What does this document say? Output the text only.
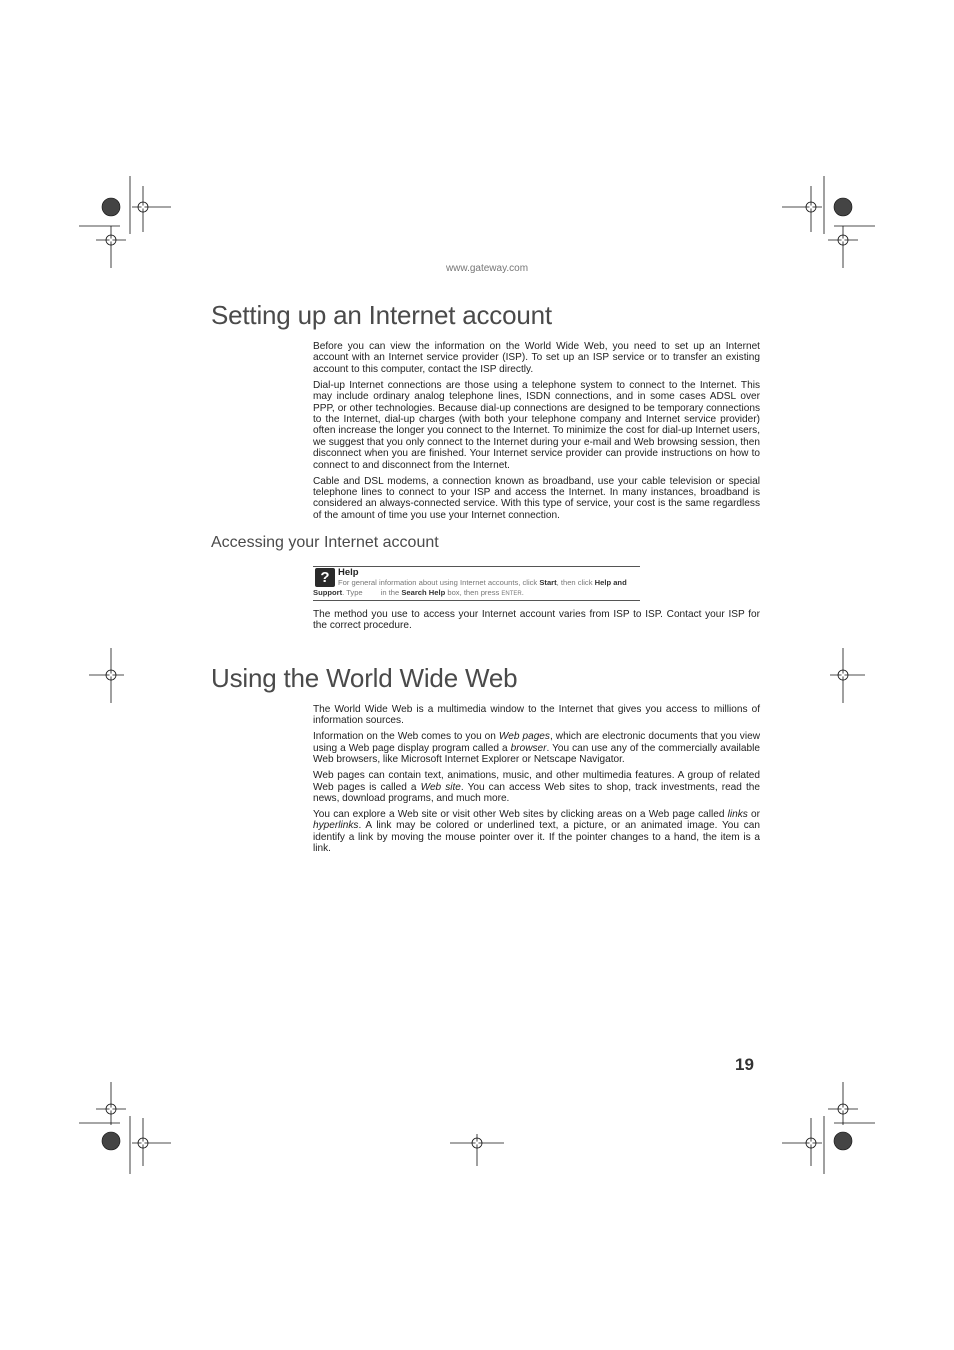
www.gateway.com
Setting up an Internet account

Before you can view the information on the World Wide Web, you need to set up an Internet account with an Internet service provider (ISP). To set up an ISP service or to transfer an existing account to this computer, contact the ISP directly.

Dial-up Internet connections are those using a telephone system to connect to the Internet. This may include ordinary analog telephone lines, ISDN connections, and in some cases ADSL over PPP, or other technologies. Because dial-up connections are designed to be temporary connections to the Internet, dial-up charges (with both your telephone company and Internet service provider) often increase the longer you connect to the Internet. To minimize the cost for dial-up Internet users, we suggest that you only connect to the Internet during your e-mail and Web browsing session, then disconnect when you are finished. Your Internet service provider can provide instructions on how to connect to and disconnect from the Internet.

Cable and DSL modems, a connection known as broadband, use your cable television or special telephone lines to connect to your ISP and access the Internet. In many instances, broadband is considered an always-connected service. With this type of service, your cost is the same regardless of the amount of time you use your Internet connection.

Accessing your Internet account
? Help
For general information about using Internet accounts, click Start, then click Help and Support. Type in the Search Help box, then press ENTER.

The method you use to access your Internet account varies from ISP to ISP. Contact your ISP for the correct procedure.

Using the World Wide Web

The World Wide Web is a multimedia window to the Internet that gives you access to millions of information sources.

Information on the Web comes to you on Web pages, which are electronic documents that you view using a Web page display program called a browser. You can use any of the commercially available Web browsers, like Microsoft Internet Explorer or Netscape Navigator.

Web pages can contain text, animations, music, and other multimedia features. A group of related Web pages is called a Web site. You can access Web sites to shop, track investments, read the news, download programs, and much more.

You can explore a Web site or visit other Web sites by clicking areas on a Web page called links or hyperlinks. A link may be colored or underlined text, a picture, or an animated image. You can identify a link by moving the mouse pointer over it. If the pointer changes to a hand, the item is a link.

19
